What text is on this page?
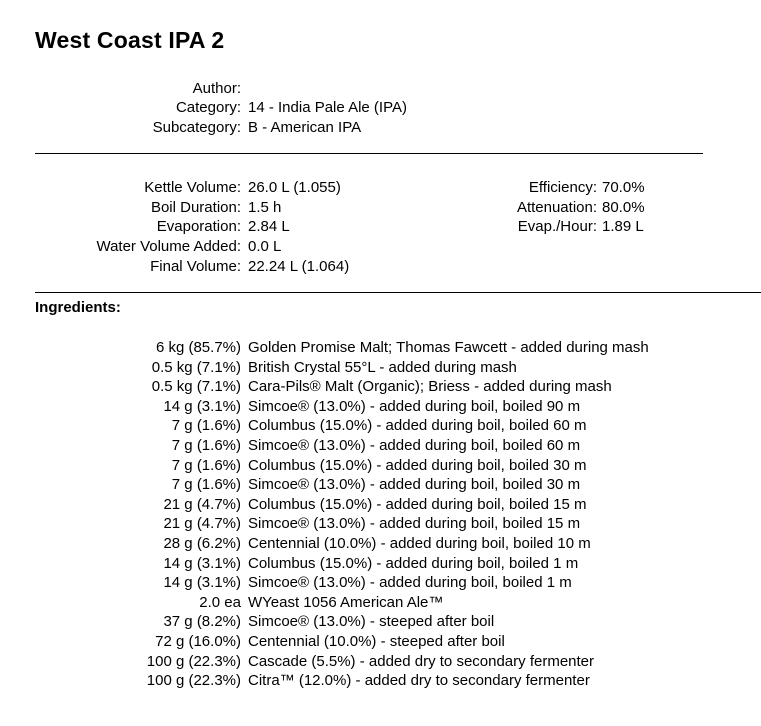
West Coast IPA 2
Author:
Category: 14 - India Pale Ale (IPA)
Subcategory: B - American IPA
Kettle Volume: 26.0 L (1.055)
Boil Duration: 1.5 h
Evaporation: 2.84 L
Water Volume Added: 0.0 L
Final Volume: 22.24 L (1.064)
Efficiency: 70.0%
Attenuation: 80.0%
Evap./Hour: 1.89 L
Ingredients:
6 kg (85.7%) Golden Promise Malt; Thomas Fawcett - added during mash
0.5 kg (7.1%) British Crystal 55°L - added during mash
0.5 kg (7.1%) Cara-Pils® Malt (Organic); Briess - added during mash
14 g (3.1%) Simcoe® (13.0%) - added during boil, boiled 90 m
7 g (1.6%) Columbus (15.0%) - added during boil, boiled 60 m
7 g (1.6%) Simcoe® (13.0%) - added during boil, boiled 60 m
7 g (1.6%) Columbus (15.0%) - added during boil, boiled 30 m
7 g (1.6%) Simcoe® (13.0%) - added during boil, boiled 30 m
21 g (4.7%) Columbus (15.0%) - added during boil, boiled 15 m
21 g (4.7%) Simcoe® (13.0%) - added during boil, boiled 15 m
28 g (6.2%) Centennial (10.0%) - added during boil, boiled 10 m
14 g (3.1%) Columbus (15.0%) - added during boil, boiled 1 m
14 g (3.1%) Simcoe® (13.0%) - added during boil, boiled 1 m
2.0 ea WYeast 1056 American Ale™
37 g (8.2%) Simcoe® (13.0%) - steeped after boil
72 g (16.0%) Centennial (10.0%) - steeped after boil
100 g (22.3%) Cascade (5.5%) - added dry to secondary fermenter
100 g (22.3%) Citra™ (12.0%) - added dry to secondary fermenter
